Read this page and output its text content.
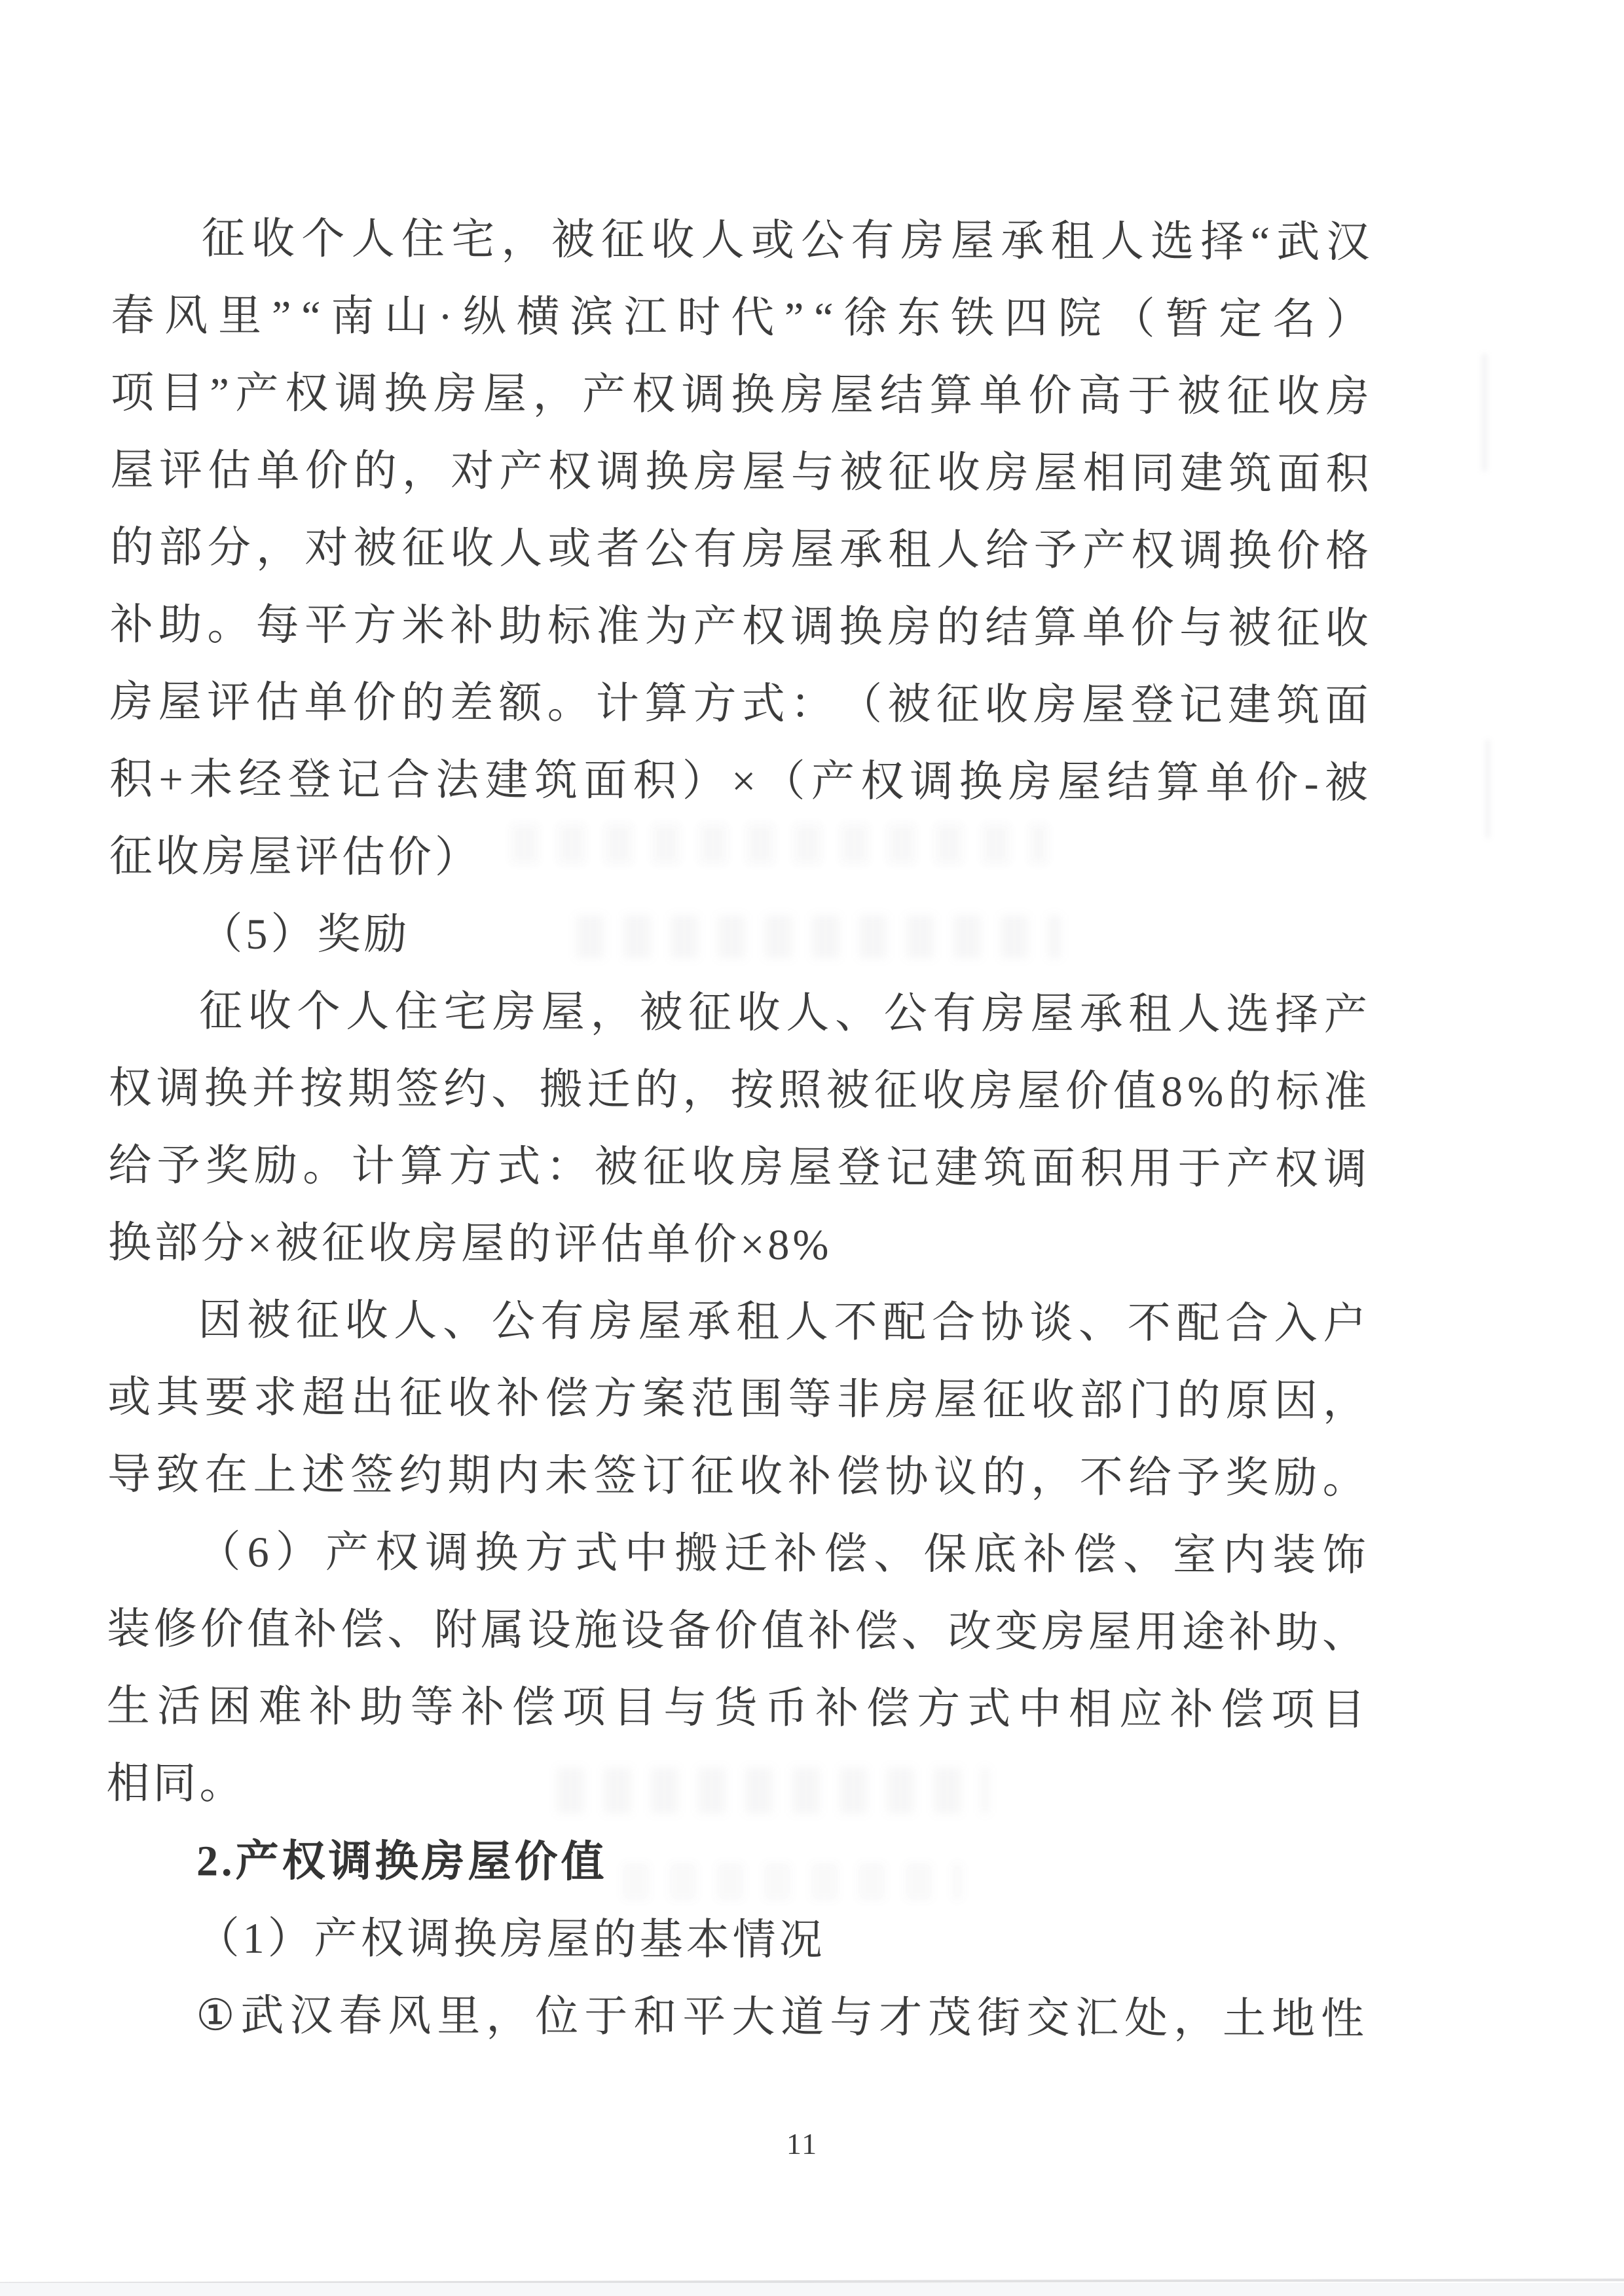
征 收 个 人 住 宅 ， 被 征 收 人 或 公 有 房 屋 承 租 人 选 择 “ 武 汉
春 风 里 ” “ 南 山 · 纵 横 滨 江 时 代 ” “ 徐 东 铁 四 院 （ 暂 定 名 ）
项 目 ” 产 权 调 换 房 屋 ， 产 权 调 换 房 屋 结 算 单 价 高 于 被 征 收 房
屋 评 估 单 价 的 ， 对 产 权 调 换 房 屋 与 被 征 收 房 屋 相 同 建 筑 面 积
的 部 分 ， 对 被 征 收 人 或 者 公 有 房 屋 承 租 人 给 予 产 权 调 换 价 格
补 助 。 每 平 方 米 补 助 标 准 为 产 权 调 换 房 的 结 算 单 价 与 被 征 收
房 屋 评 估 单 价 的 差 额 。 计 算 方 式 ： （ 被 征 收 房 屋 登 记 建 筑 面
积 + 未 经 登 记 合 法 建 筑 面 积 ） × （ 产 权 调 换 房 屋 结 算 单 价 - 被
征收房屋评估价）
（5）奖励
征 收 个 人 住 宅 房 屋 ， 被 征 收 人 、 公 有 房 屋 承 租 人 选 择 产
权 调 换 并 按 期 签 约 、 搬 迁 的 ， 按 照 被 征 收 房 屋 价 值 8 % 的 标 准
给 予 奖 励 。 计 算 方 式 ： 被 征 收 房 屋 登 记 建 筑 面 积 用 于 产 权 调
换部分×被征收房屋的评估单价×8%
因 被 征 收 人 、 公 有 房 屋 承 租 人 不 配 合 协 谈 、 不 配 合 入 户
或 其 要 求 超 出 征 收 补 偿 方 案 范 围 等 非 房 屋 征 收 部 门 的 原 因 ，
导 致 在 上 述 签 约 期 内 未 签 订 征 收 补 偿 协 议 的 ， 不 给 予 奖 励 。
（ 6 ） 产 权 调 换 方 式 中 搬 迁 补 偿 、 保 底 补 偿 、 室 内 装 饰
装 修 价 值 补 偿 、 附 属 设 施 设 备 价 值 补 偿 、 改 变 房 屋 用 途 补 助 、
生 活 困 难 补 助 等 补 偿 项 目 与 货 币 补 偿 方 式 中 相 应 补 偿 项 目
相同。
2.产权调换房屋价值
（1）产权调换房屋的基本情况
① 武 汉 春 风 里 ， 位 于 和 平 大 道 与 才 茂 街 交 汇 处 ， 土 地 性
11
